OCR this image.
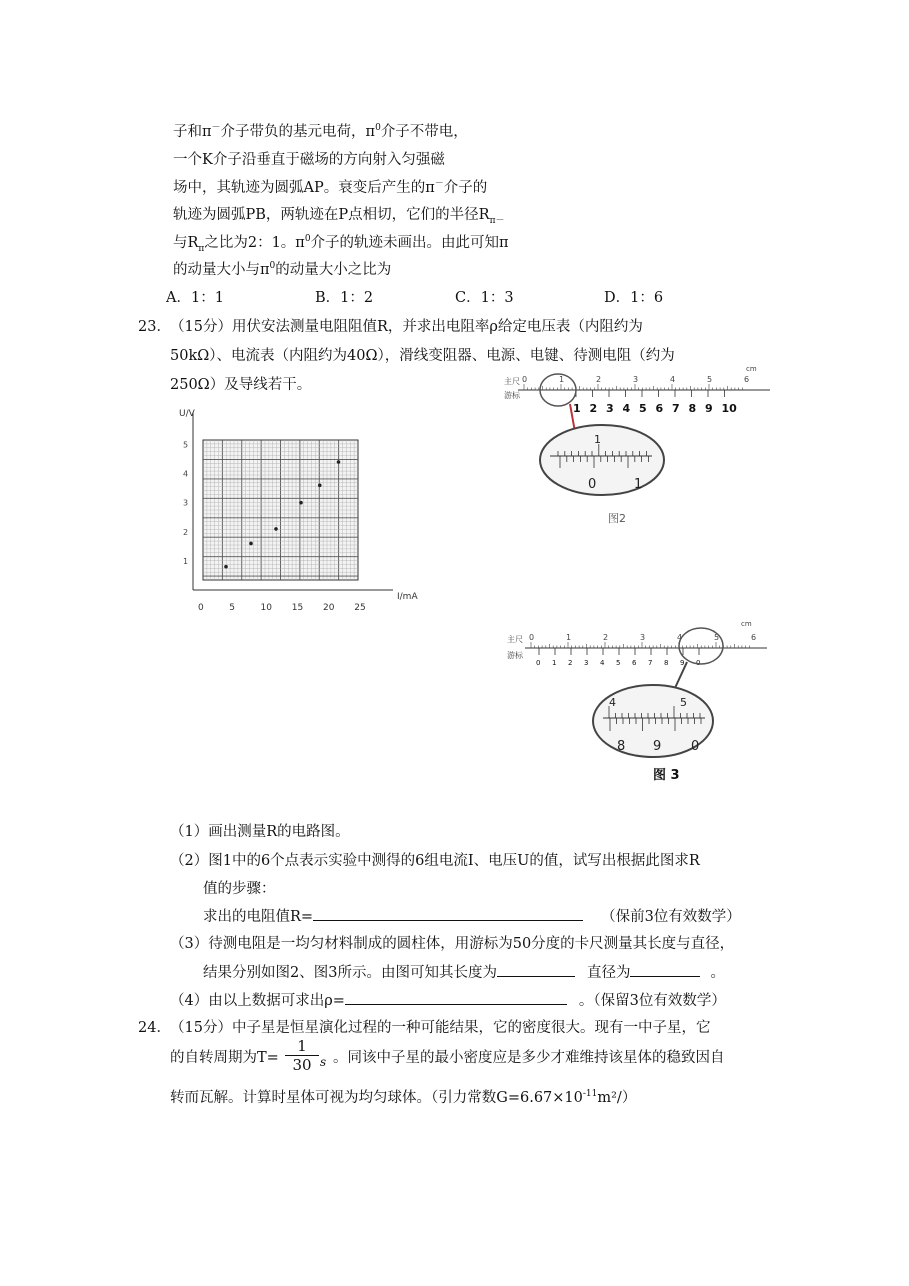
子和π－介子带负的基元电荷，$\pi^0$介子不带电，
一个K介子沿垂直于磁场的方向射入匀强磁
场中，其轨迹为圆弧AP。衰变后产生的π－介子的
轨迹为圆弧PB，两轨迹在P点相切，它们的半径$R_{\pi-}$
与$R_\pi$之比为2：1。$\pi^0$介子的轨迹未画出。由此可知π
的动量大小与$\pi^0$的动量大小之比为
A．1：1	B．1：2	C．1：3	D．1：6
23． （15分）用伏安法测量电阻阻值R，并求出电阻率ρ给定电压表（内阻约为
50kΩ）、电流表（内阻约为40Ω），滑线变阻器、电源、电键、待测电阻（约为
250Ω）及导线若干。
U/V
5
4
3
2
1
0	5	10 15 20 25
I/mA
主尺
游标
cm
0	1	2	3	4	5	6
1 2 3 4 5 6 7 8 9 10
1
0	1
图2
主尺
游标
cm
0	1	2	3	4	5	6
0 1 2 3 4 5 6 7 8 9 0
4	5
8 9 0
图 3
（1）画出测量R的电路图。
（2）图1中的6个点表示实验中测得的6组电流I、电压U的值，试写出根据此图求R
值的步骤：
求出的电阻值R=	（保前3位有效数学）
（3）待测电阻是一均匀材料制成的圆柱体，用游标为50分度的卡尺测量其长度与直径，
结果分别如图2、图3所示。由图可知其长度为	直径为	。
（4）由以上数据可求出ρ=	。（保留3位有效数学）
24． （15分）中子星是恒星演化过程的一种可能结果，它的密度很大。现有一中子星，它
的自转周期为$T= \frac{1}{30}$ s 。同该中子星的最小密度应是多少才难维持该星体的稳致因自
转而瓦解。计算时星体可视为均匀球体。（引力常数$G=6.67\times 10^{-11}m^2/$）
